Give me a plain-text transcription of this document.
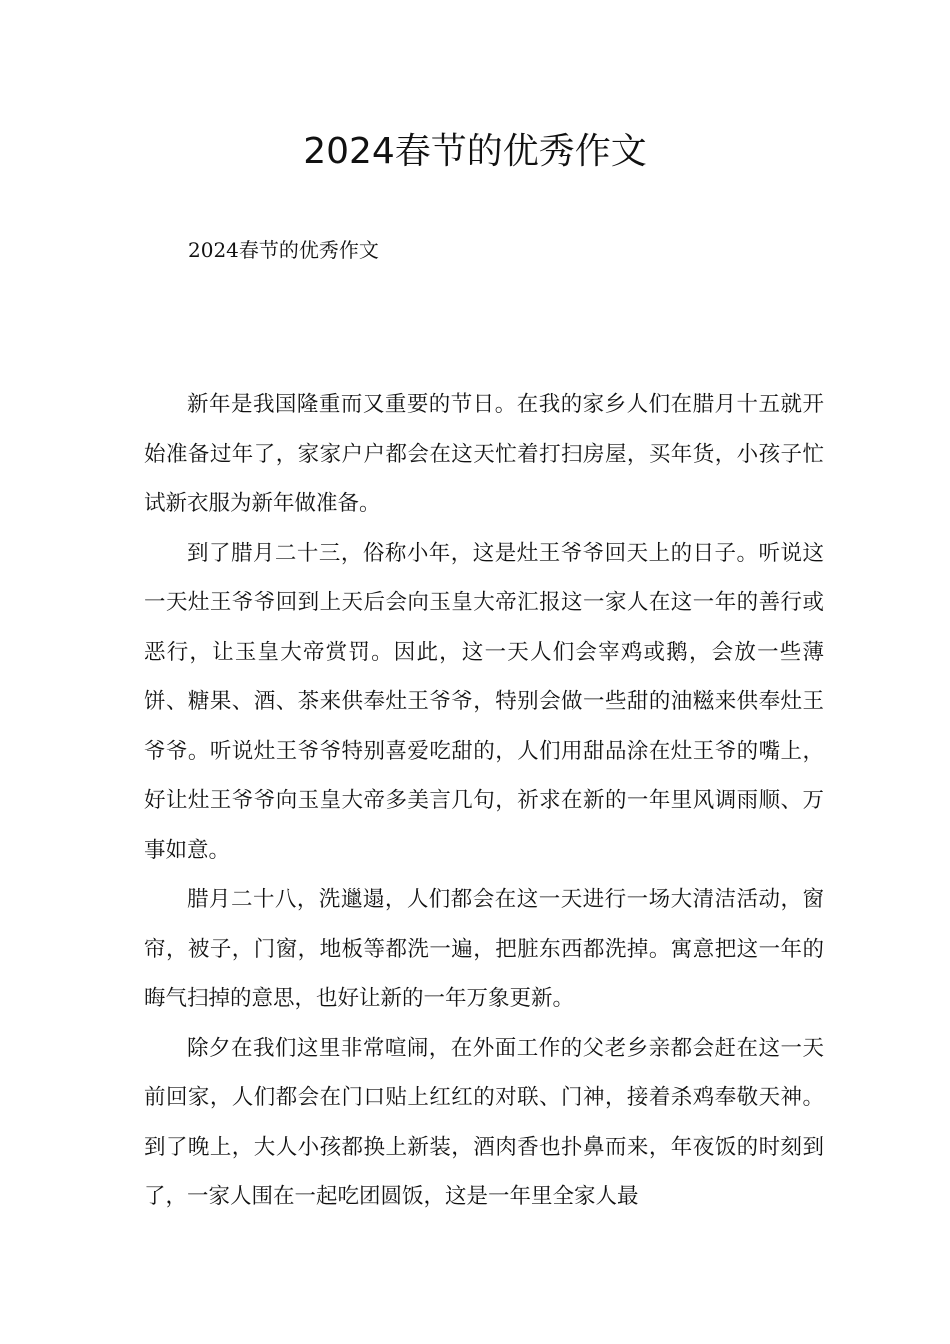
2024春节的优秀作文

2024春节的优秀作文

新年是我国隆重而又重要的节日。在我的家乡人们在腊月十五就开始准备过年了，家家户户都会在这天忙着打扫房屋，买年货，小孩子忙试新衣服为新年做准备。

到了腊月二十三，俗称小年，这是灶王爷爷回天上的日子。听说这一天灶王爷爷回到上天后会向玉皇大帝汇报这一家人在这一年的善行或恶行，让玉皇大帝赏罚。因此，这一天人们会宰鸡或鹅，会放一些薄饼、糖果、酒、茶来供奉灶王爷爷，特别会做一些甜的油糍来供奉灶王爷爷。听说灶王爷爷特别喜爱吃甜的，人们用甜品涂在灶王爷的嘴上，好让灶王爷爷向玉皇大帝多美言几句，祈求在新的一年里风调雨顺、万事如意。

腊月二十八，洗邋遢，人们都会在这一天进行一场大清洁活动，窗帘，被子，门窗，地板等都洗一遍，把脏东西都洗掉。寓意把这一年的晦气扫掉的意思，也好让新的一年万象更新。

除夕在我们这里非常喧闹，在外面工作的父老乡亲都会赶在这一天前回家，人们都会在门口贴上红红的对联、门神，接着杀鸡奉敬天神。到了晚上，大人小孩都换上新装，酒肉香也扑鼻而来，年夜饭的时刻到了，一家人围在一起吃团圆饭，这是一年里全家人最
